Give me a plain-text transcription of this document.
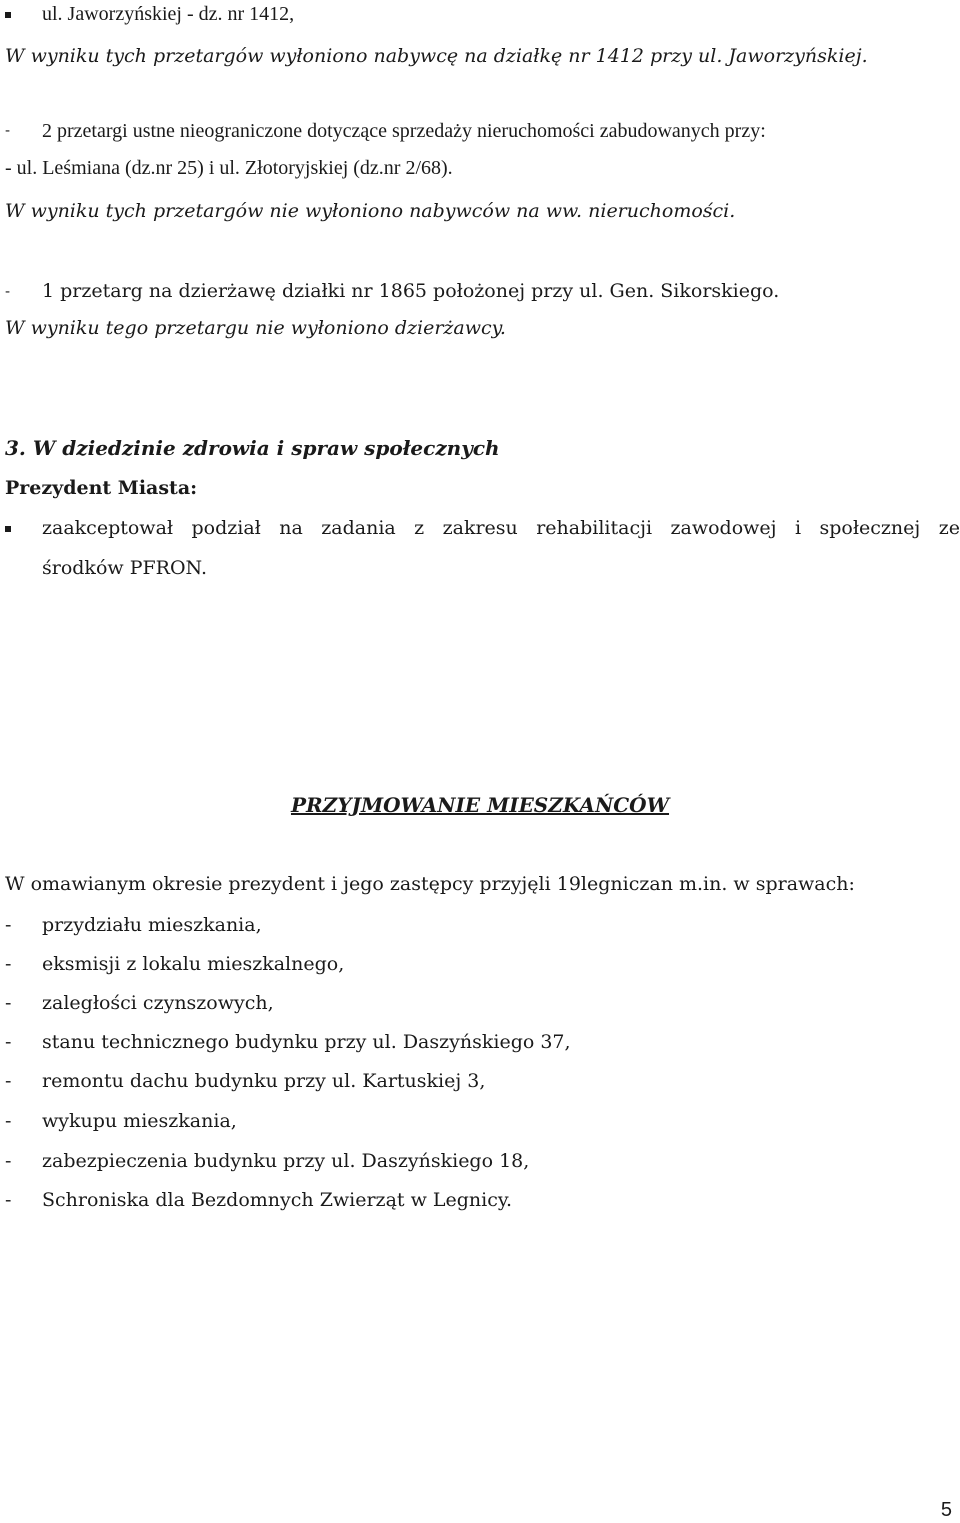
ul. Jaworzyńskiej - dz. nr 1412,
W wyniku tych przetargów wyłoniono nabywcę na działkę nr 1412 przy ul. Jaworzyńskiej.
- 2 przetargi ustne nieograniczone dotyczące sprzedaży nieruchomości zabudowanych przy:
- ul. Leśmiana (dz.nr 25) i ul. Złotoryjskiej (dz.nr 2/68).
W wyniku tych przetargów nie wyłoniono nabywców na ww. nieruchomości.
- 1 przetarg na dzierżawę działki nr 1865 położonej przy ul. Gen. Sikorskiego.
W wyniku tego przetargu nie wyłoniono dzierżawcy.
3. W dziedzinie zdrowia i spraw społecznych
Prezydent Miasta:
zaakceptował podział na zadania z zakresu rehabilitacji zawodowej i społecznej ze
środków PFRON.
PRZYJMOWANIE MIESZKAŃCÓW
W omawianym okresie prezydent i jego zastępcy przyjęli 19legniczan m.in. w sprawach:
- przydziału mieszkania,
- eksmisji z lokalu mieszkalnego,
- zaległości czynszowych,
- stanu technicznego budynku przy ul. Daszyńskiego 37,
- remontu dachu budynku przy ul. Kartuskiej 3,
- wykupu mieszkania,
- zabezpieczenia budynku przy ul. Daszyńskiego 18,
- Schroniska dla Bezdomnych Zwierząt w Legnicy.
5
